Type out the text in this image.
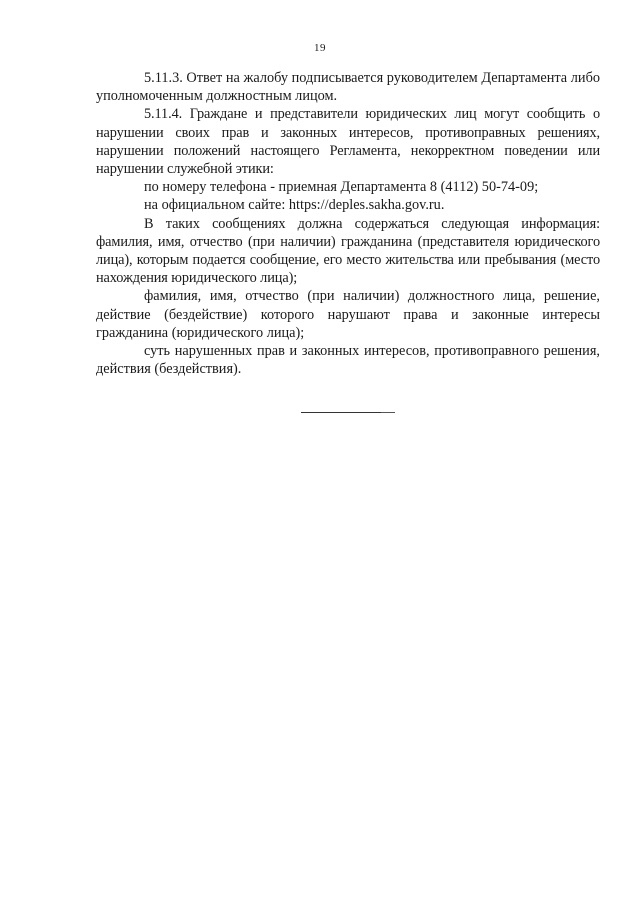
19

5.11.3. Ответ на жалобу подписывается руководителем Департамента либо уполномоченным должностным лицом.

5.11.4. Граждане и представители юридических лиц могут сообщить о нарушении своих прав и законных интересов, противоправных решениях, нарушении положений настоящего Регламента, некорректном поведении или нарушении служебной этики:

по номеру телефона - приемная Департамента 8 (4112) 50-74-09;

на официальном сайте: https://deples.sakha.gov.ru.

В таких сообщениях должна содержаться следующая информация: фамилия, имя, отчество (при наличии) гражданина (представителя юридического лица), которым подается сообщение, его место жительства или пребывания (место нахождения юридического лица);

фамилия, имя, отчество (при наличии) должностного лица, решение, действие (бездействие) которого нарушают права и законные интересы гражданина (юридического лица);

суть нарушенных прав и законных интересов, противоправного решения, действия (бездействия).
